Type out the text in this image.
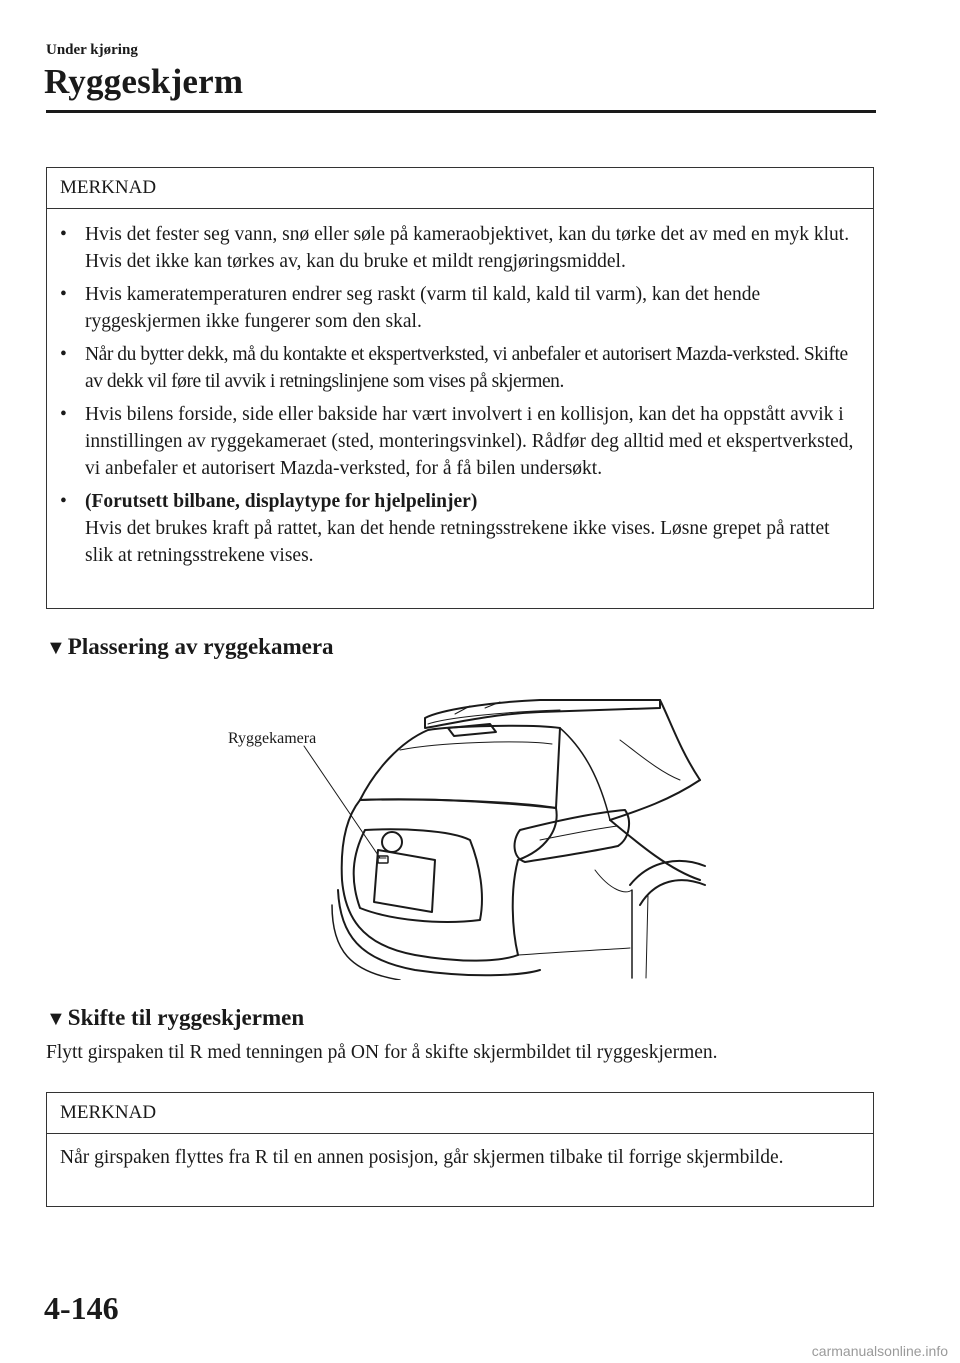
Under kjøring
Ryggeskjerm
MERKNAD
• Hvis det fester seg vann, snø eller søle på kameraobjektivet, kan du tørke det av med en myk klut. Hvis det ikke kan tørkes av, kan du bruke et mildt rengjøringsmiddel.
• Hvis kameratemperaturen endrer seg raskt (varm til kald, kald til varm), kan det hende ryggeskjermen ikke fungerer som den skal.
• Når du bytter dekk, må du kontakte et ekspertverksted, vi anbefaler et autorisert Mazda-verksted. Skifte av dekk vil føre til avvik i retningslinjene som vises på skjermen.
• Hvis bilens forside, side eller bakside har vært involvert i en kollisjon, kan det ha oppstått avvik i innstillingen av ryggekameraet (sted, monteringsvinkel). Rådfør deg alltid med et ekspertverksted, vi anbefaler et autorisert Mazda-verksted, for å få bilen undersøkt.
• (Forutsett bilbane, displaytype for hjelpelinjer)
Hvis det brukes kraft på rattet, kan det hende retningsstrekene ikke vises. Løsne grepet på rattet slik at retningsstrekene vises.
▼Plassering av ryggekamera
Ryggekamera
▼Skifte til ryggeskjermen
Flytt girspaken til R med tenningen på ON for å skifte skjermbildet til ryggeskjermen.
MERKNAD
Når girspaken flyttes fra R til en annen posisjon, går skjermen tilbake til forrige skjermbilde.
4-146
carmanualsonline.info
